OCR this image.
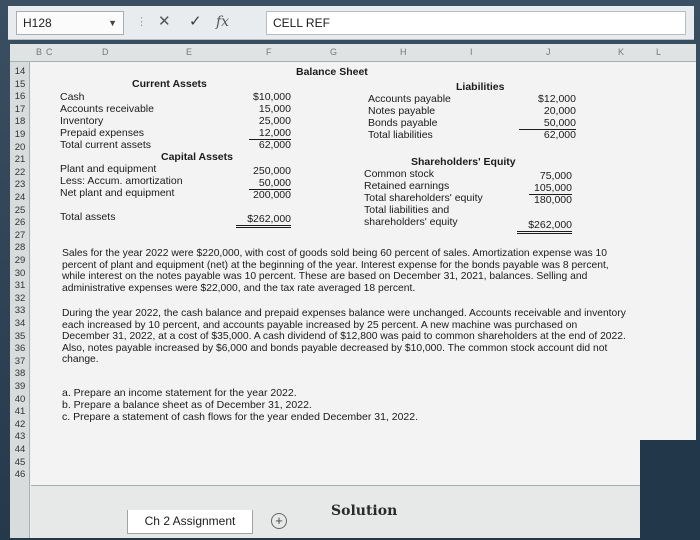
H128	▼ ⋮ ✕ ✓ fx	CELL REF
B C	D	E	F	G	H	I	J	K	L
14
15
16
17
18
19
20
21
22
23
24
25
26
27
28
29
30
31
32
33
34
35
36
37
38
39
40
41
42
43
44
45
46
Balance Sheet
Current Assets	Liabilities
Cash	$10,000
Accounts receivable	15,000
Inventory	25,000
Prepaid expenses	12,000
Total current assets	62,000
Accounts payable	$12,000
Notes payable	20,000
Bonds payable	50,000
Total liabilities	62,000
Capital Assets	Shareholders' Equity
Plant and equipment	250,000
Less: Accum. amortization	50,000
Net plant and equipment	200,000
Common stock	75,000
Retained earnings	105,000
Total shareholders' equity	180,000
Total liabilities and
shareholders' equity	$262,000
Total assets	$262,000
Sales for the year 2022 were $220,000, with cost of goods sold being 60 percent of sales. Amortization expense was 10 percent of plant and equipment (net) at the beginning of the year. Interest expense for the bonds payable was 8 percent, while interest on the notes payable was 10 percent. These are based on December 31, 2021, balances. Selling and administrative expenses were $22,000, and the tax rate averaged 18 percent.
During the year 2022, the cash balance and prepaid expenses balance were unchanged. Accounts receivable and inventory each increased by 10 percent, and accounts payable increased by 25 percent. A new machine was purchased on December 31, 2022, at a cost of $35,000. A cash dividend of $12,800 was paid to common shareholders at the end of 2022. Also, notes payable increased by $6,000 and bonds payable decreased by $10,000. The common stock account did not change.
a. Prepare an income statement for the year 2022.
b. Prepare a balance sheet as of December 31, 2022.
c. Prepare a statement of cash flows for the year ended December 31, 2022.
Solution
Ch 2 Assignment	+
